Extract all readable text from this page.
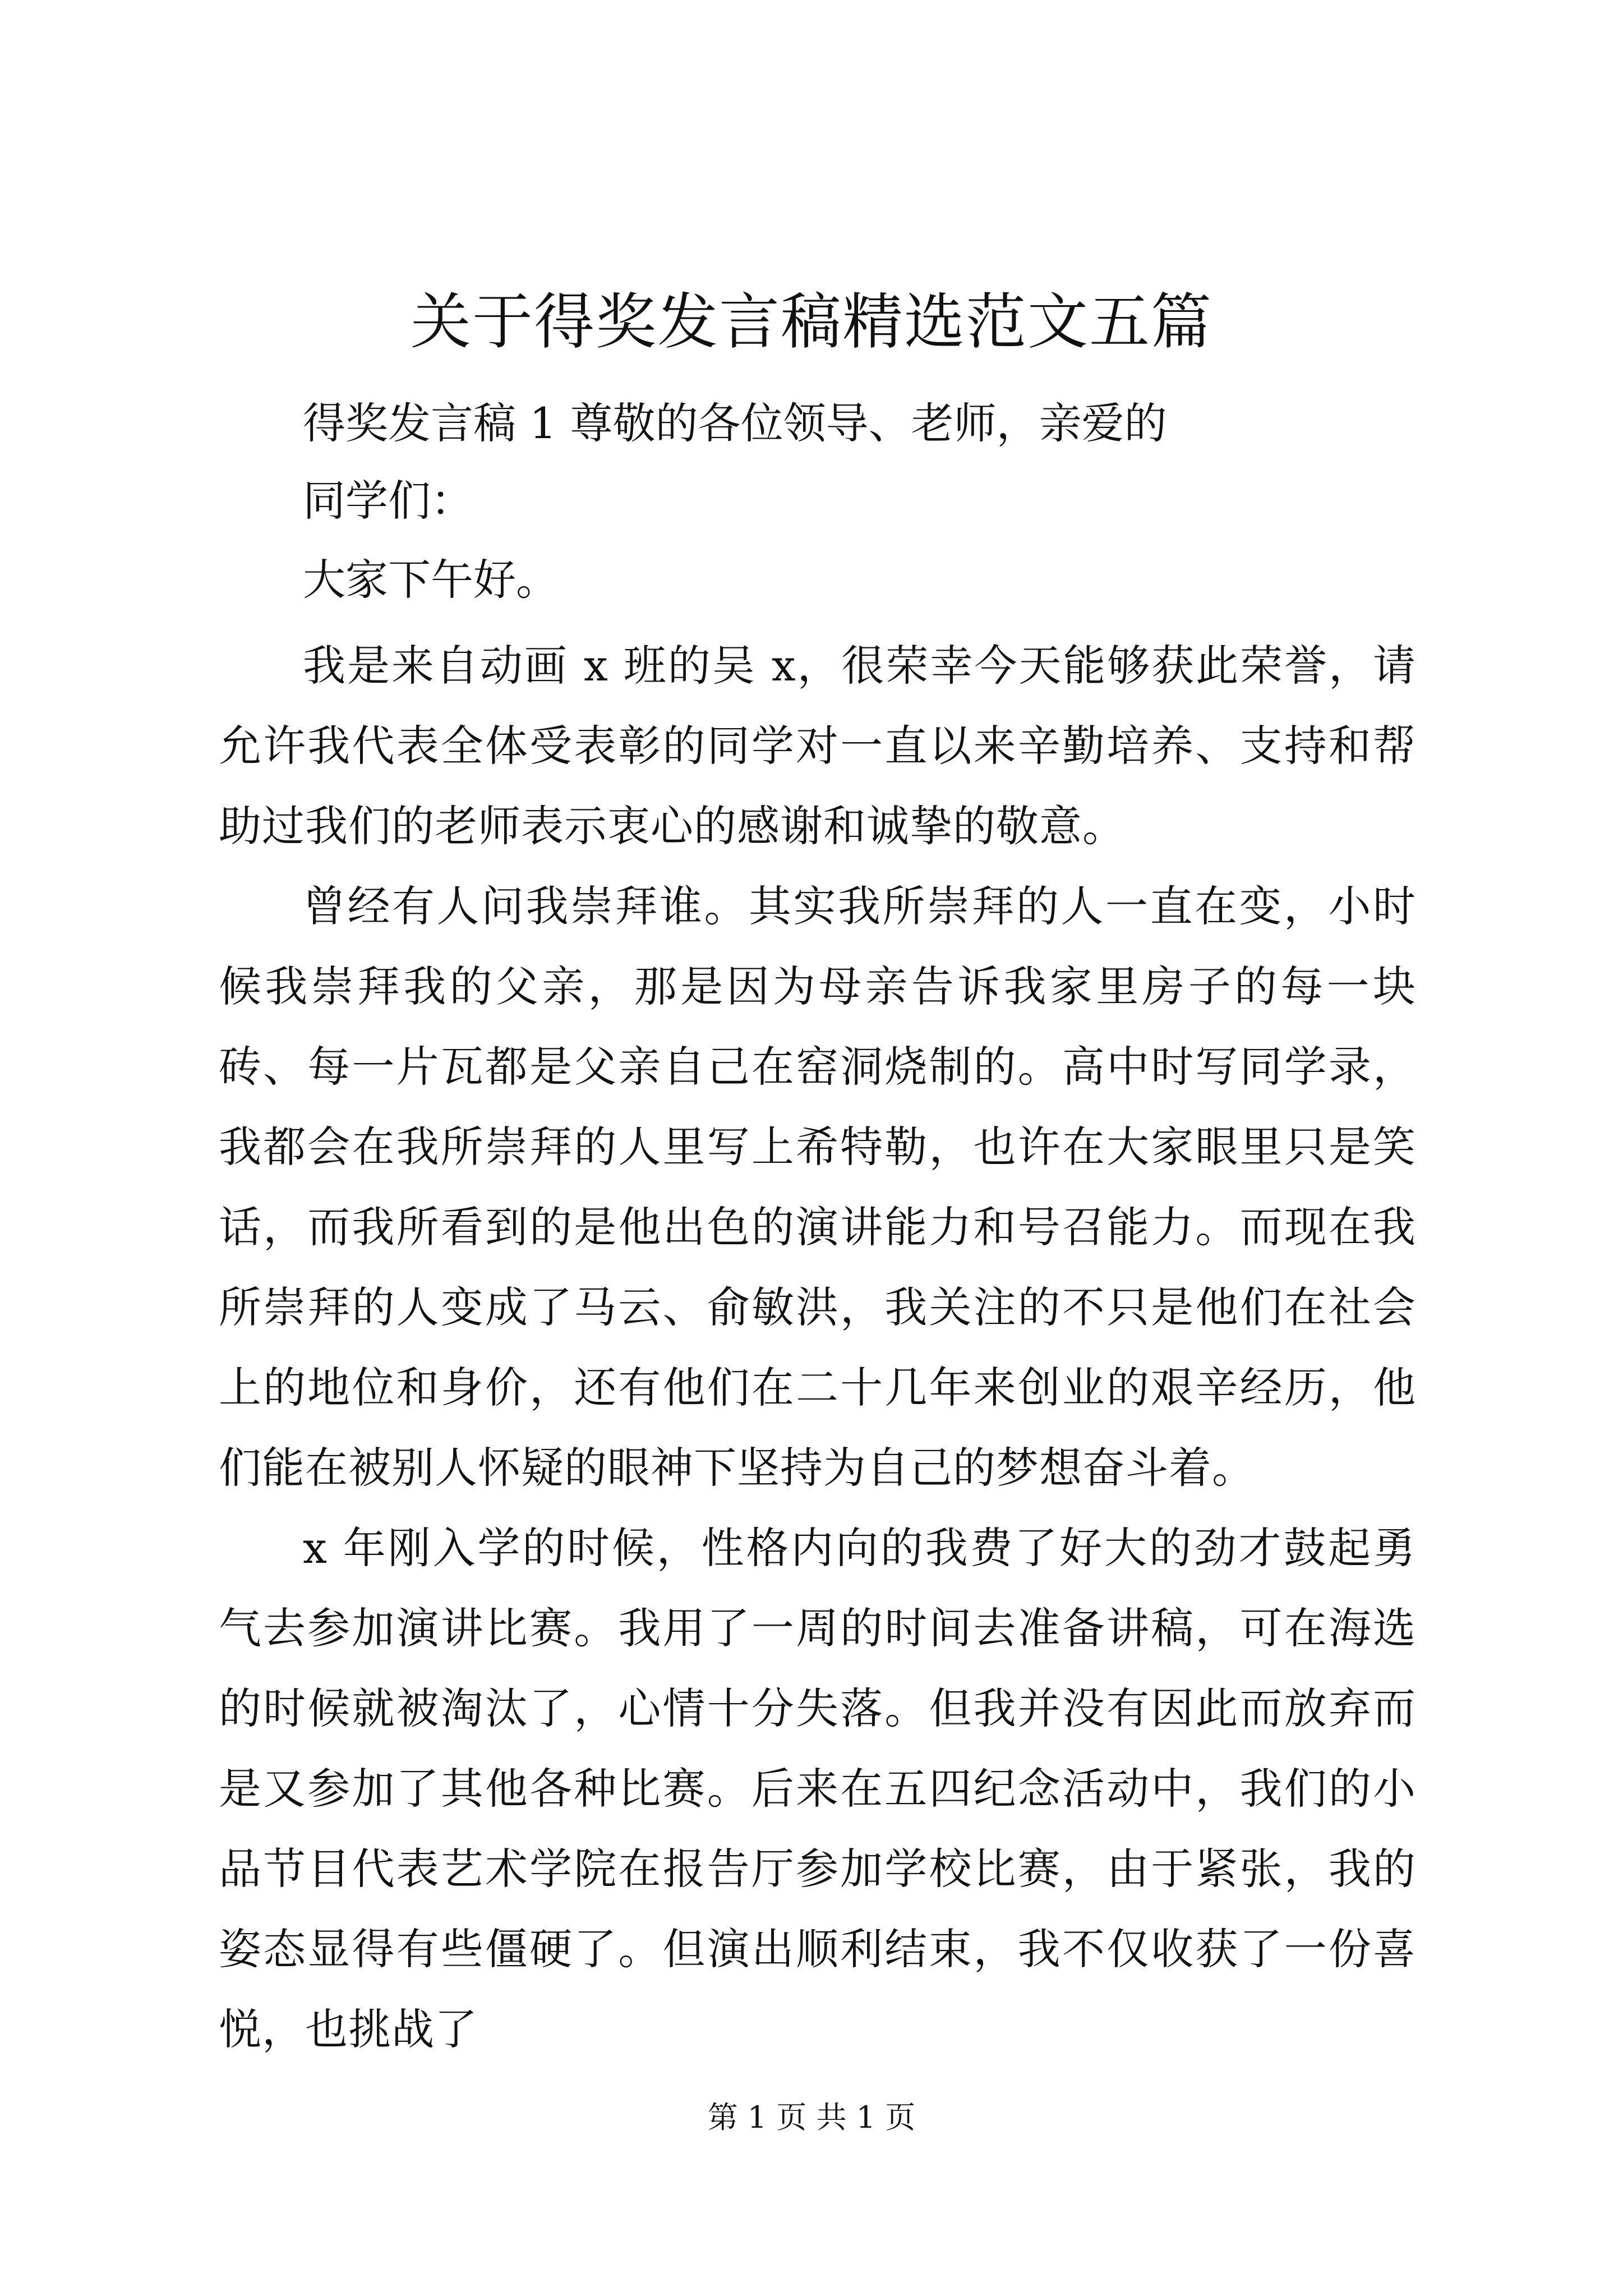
关于得奖发言稿精选范文五篇

得奖发言稿 1 尊敬的各位领导、老师，亲爱的

同学们：

大家下午好。

我是来自动画 x 班的吴 x，很荣幸今天能够获此荣誉，请允许我代表全体受表彰的同学对一直以来辛勤培养、支持和帮助过我们的老师表示衷心的感谢和诚挚的敬意。

曾经有人问我崇拜谁。其实我所崇拜的人一直在变，小时候我崇拜我的父亲，那是因为母亲告诉我家里房子的每一块砖、每一片瓦都是父亲自己在窑洞烧制的。高中时写同学录，我都会在我所崇拜的人里写上希特勒，也许在大家眼里只是笑话，而我所看到的是他出色的演讲能力和号召能力。而现在我所崇拜的人变成了马云、俞敏洪，我关注的不只是他们在社会上的地位和身价，还有他们在二十几年来创业的艰辛经历，他们能在被别人怀疑的眼神下坚持为自己的梦想奋斗着。

x 年刚入学的时候，性格内向的我费了好大的劲才鼓起勇气去参加演讲比赛。我用了一周的时间去准备讲稿，可在海选的时候就被淘汰了，心情十分失落。但我并没有因此而放弃而是又参加了其他各种比赛。后来在五四纪念活动中，我们的小品节目代表艺术学院在报告厅参加学校比赛，由于紧张，我的姿态显得有些僵硬了。但演出顺利结束，我不仅收获了一份喜悦，也挑战了

第 1 页 共 1 页
